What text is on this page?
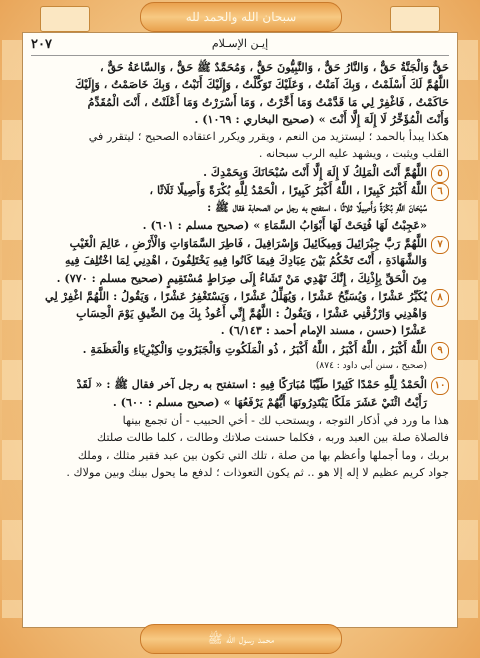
سبحان الله والحمد لله
٢٠٧	إيـن الإسـلام

حَقٌّ وَالْجَنَّةُ حَقٌّ ، وَالنَّارُ حَقٌّ ، وَالنَّبِيُّونَ حَقٌّ ، وَمُحَمَّدٌ ﷺ حَقٌّ ، وَالسَّاعَةُ حَقٌّ ،

اللَّهُمَّ لَكَ أَسْلَمْتُ ، وَبِكَ آمَنْتُ ، وَعَلَيْكَ تَوَكَّلْتُ ، وَإِلَيْكَ أَنَبْتُ ، وَبِكَ خَاصَمْتُ ، وَإِلَيْكَ

حَاكَمْتُ ، فَاغْفِرْ لِي مَا قَدَّمْتُ وَمَا أَخَّرْتُ ، وَمَا أَسْرَرْتُ وَمَا أَعْلَنْتُ ، أَنْتَ الْمُقَدِّمُ

وَأَنْتَ الْمُؤَخِّرُ لَا إِلَهَ إِلَّا أَنْتَ » (صحيح البخاري : ١٠٦٩) .

هكذا يبدأ بالحمد ؛ ليستزيد من النعم ، ويقرر ويكرر اعتقاده الصحيح ؛ ليتقرر في

القلب ويثبت ، ويشهد عليه الرب سبحانه .

٥

اللَّهُمَّ أَنْتَ الْمَلِكُ لَا إِلَهَ إِلَّا أَنْتَ سُبْحَانَكَ وَبِحَمْدِكَ .

٦

اللَّهُ أَكْبَرُ كَبِيرًا ، اللَّهُ أَكْبَرُ كَبِيرًا ، الْحَمْدُ لِلَّهِ بُكْرَةً وَأَصِيلًا ثَلَاثًا ،

سُبْحَانَ اللَّهِ بُكْرَةً وَأَصِيلًا ثلاثًا ، استفتح به رجل من الصحابة فقال ﷺ :

«عَجِبْتُ لَهَا فُتِحَتْ لَهَا أَبْوَابُ السَّمَاءِ » (صحيح مسلم : ٦٠١) .

٧

اللَّهُمَّ رَبَّ جِبْرَائِيلَ وَمِيكَائِيلَ وَإِسْرَافِيلَ ، فَاطِرَ السَّمَاوَاتِ وَالْأَرْضِ ، عَالِمَ الْغَيْبِ

وَالشَّهَادَةِ ، أَنْتَ تَحْكُمُ بَيْنَ عِبَادِكَ فِيمَا كَانُوا فِيهِ يَخْتَلِفُونَ ، اهْدِنِي لِمَا اخْتُلِفَ فِيهِ

مِنَ الْحَقِّ بِإِذْنِكَ ، إِنَّكَ تَهْدِي مَنْ تَشَاءُ إِلَى صِرَاطٍ مُسْتَقِيمٍ (صحيح مسلم : ٧٧٠) .

٨

يُكَبِّرُ عَشْرًا ، وَيُسَبِّحُ عَشْرًا ، وَيُهَلِّلُ عَشْرًا ، وَيَسْتَغْفِرُ عَشْرًا ، وَيَقُولُ : اللَّهُمَّ اغْفِرْ لِي

وَاهْدِنِي وَارْزُقْنِي عَشْرًا ، وَيَقُولُ : اللَّهُمَّ إِنِّي أَعُوذُ بِكَ مِنَ الضِّيقِ يَوْمَ الْحِسَابِ

عَشْرًا (حسن ، مسند الإمام أحمد : ٦/١٤٣) .

٩

اللَّهُ أَكْبَرُ ، اللَّهُ أَكْبَرُ ، اللَّهُ أَكْبَرُ ، ذُو الْمَلَكُوتِ وَالْجَبَرُوتِ وَالْكِبْرِيَاءِ وَالْعَظَمَةِ .

(صحيح ، سنن أبي داود : ٨٧٤)

١٠

الْحَمْدُ لِلَّهِ حَمْدًا كَثِيرًا طَيِّبًا مُبَارَكًا فِيهِ : استفتح به رجل آخر فقال ﷺ : « لَقَدْ

رَأَيْتُ اثْنَيْ عَشَرَ مَلَكًا يَبْتَدِرُونَهَا أَيُّهُمْ يَرْفَعُهَا » (صحيح مسلم : ٦٠٠) .

هذا ما ورد في أذكار التوجه ، ويستحب لك - أخي الحبيب - أن تجمع بينها

فالصلاة صلة بين العبد وربه ، فكلما حسنت صلاتك وطالت ، كلما طالت صلتك

بربك ، وما أجملها وأعظم بها من صلة ، تلك التي تكون بين عبد فقير مثلك ، وملك

جواد كريم عظيم لا إله إلا هو .. ثم يكون التعوذات ؛ لدفع ما يحول بينك وبين مولاك .

محمد رسول الله ﷺ
